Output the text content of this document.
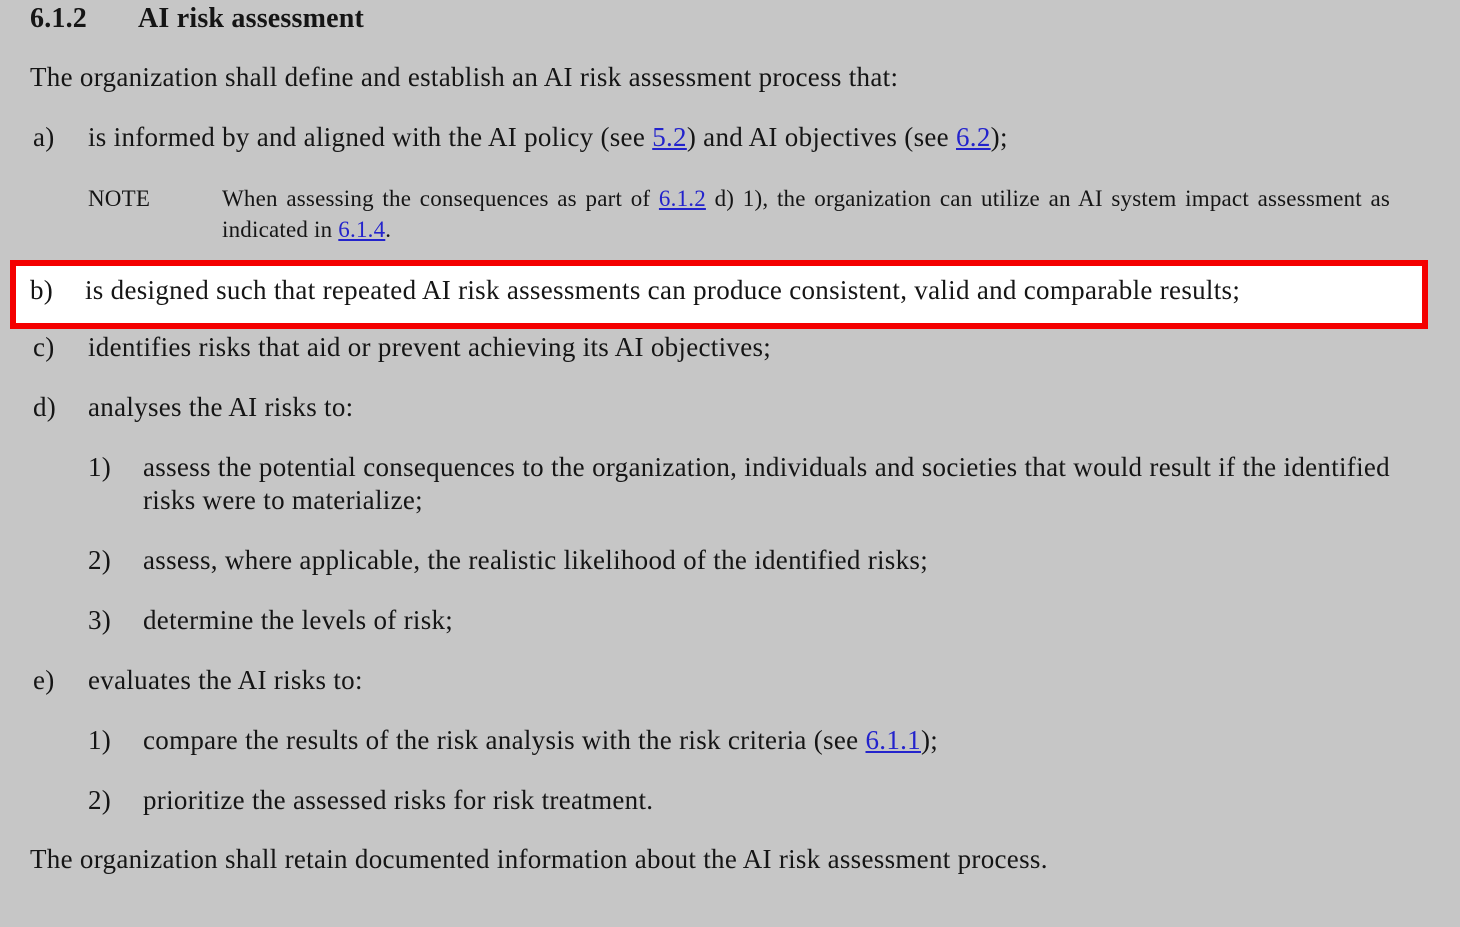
6.1.2 AI risk assessment
The organization shall define and establish an AI risk assessment process that:
a)	is informed by and aligned with the AI policy (see 5.2) and AI objectives (see 6.2);
NOTE	When assessing the consequences as part of 6.1.2 d) 1), the organization can utilize an AI system impact assessment as indicated in 6.1.4.
b)	is designed such that repeated AI risk assessments can produce consistent, valid and comparable results;
c)	identifies risks that aid or prevent achieving its AI objectives;
d)	analyses the AI risks to:
1)	assess the potential consequences to the organization, individuals and societies that would result if the identified risks were to materialize;
2)	assess, where applicable, the realistic likelihood of the identified risks;
3)	determine the levels of risk;
e)	evaluates the AI risks to:
1)	compare the results of the risk analysis with the risk criteria (see 6.1.1);
2)	prioritize the assessed risks for risk treatment.
The organization shall retain documented information about the AI risk assessment process.
